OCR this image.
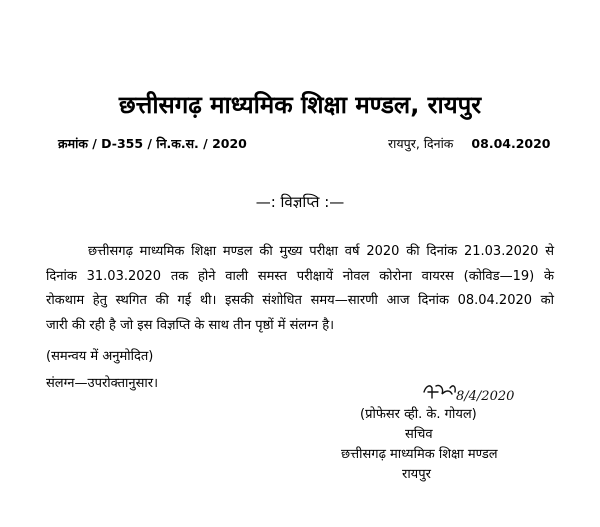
छत्तीसगढ़ माध्यमिक शिक्षा मण्डल, रायपुर
क्रमांक / D-355 / नि.क.स. / 2020	रायपुर, दिनांक 08.04.2020
—: विज्ञप्ति :—

छत्तीसगढ़ माध्यमिक शिक्षा मण्डल की मुख्य परीक्षा वर्ष 2020 की दिनांक 21.03.2020 से
दिनांक 31.03.2020 तक होने वाली समस्त परीक्षायें नोवल कोरोना वायरस (कोविड—19) के
रोकथाम हेतु स्थगित की गई थी। इसकी संशोधित समय—सारणी आज दिनांक 08.04.2020 को
जारी की रही है जो इस विज्ञप्ति के साथ तीन पृष्ठों में संलग्न है।

(समन्वय में अनुमोदित)
संलग्न—उपरोक्तानुसार।
8/4/2020
(प्रोफेसर व्ही. के. गोयल)
सचिव
छत्तीसगढ़ माध्यमिक शिक्षा मण्डल
रायपुर
